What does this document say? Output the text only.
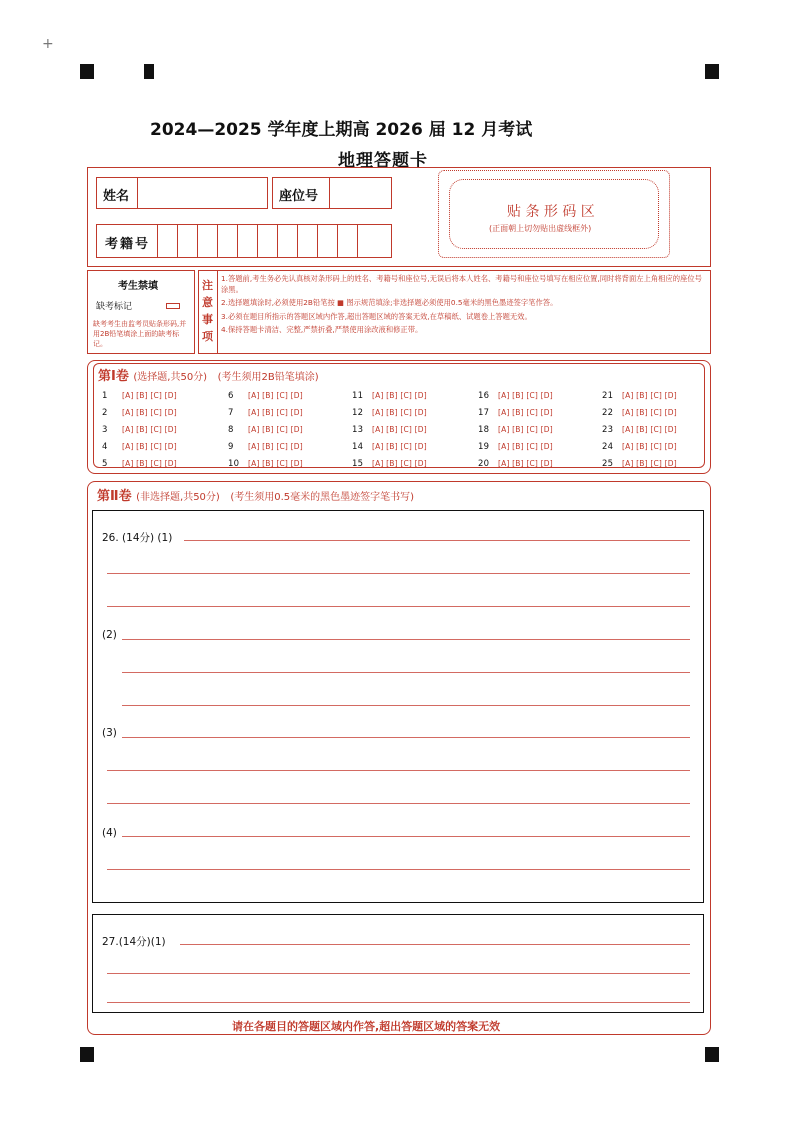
+
2024—2025 学年度上期高 2026 届 12 月考试
地理答题卡
姓名	座位号
考籍号
贴 条 形 码 区
(正面朝上切勿贴出虚线框外)
考生禁填
缺考标记
缺考考生由监考员贴条形码,并用2B铅笔填涂上面的缺考标记。
注意事项
1.答题前,考生务必先认真核对条形码上的姓名、考籍号和座位号,无误后将本人姓名、考籍号和座位号填写在相应位置,同时将背面左上角相应的座位号涂黑。
2.选择题填涂时,必须使用2B铅笔按 ■ 图示规范填涂;非选择题必须使用0.5毫米的黑色墨迹签字笔作答。
3.必须在题目所指示的答题区域内作答,超出答题区域的答案无效,在草稿纸、试题卷上答题无效。
4.保持答题卡清洁、完整,严禁折叠,严禁使用涂改液和修正带。
第Ⅰ卷 (选择题,共50分) (考生须用2B铅笔填涂)
1 [A] [B] [C] [D]
2 [A] [B] [C] [D]
3 [A] [B] [C] [D]
4 [A] [B] [C] [D]
5 [A] [B] [C] [D]
6 [A] [B] [C] [D]
7 [A] [B] [C] [D]
8 [A] [B] [C] [D]
9 [A] [B] [C] [D]
10 [A] [B] [C] [D]
11 [A] [B] [C] [D]
12 [A] [B] [C] [D]
13 [A] [B] [C] [D]
14 [A] [B] [C] [D]
15 [A] [B] [C] [D]
16 [A] [B] [C] [D]
17 [A] [B] [C] [D]
18 [A] [B] [C] [D]
19 [A] [B] [C] [D]
20 [A] [B] [C] [D]
21 [A] [B] [C] [D]
22 [A] [B] [C] [D]
23 [A] [B] [C] [D]
24 [A] [B] [C] [D]
25 [A] [B] [C] [D]
第Ⅱ卷 (非选择题,共50分) (考生须用0.5毫米的黑色墨迹签字笔书写)
26. (14分) (1)
(2)
(3)
(4)
27.(14分)(1)
请在各题目的答题区域内作答,超出答题区域的答案无效
